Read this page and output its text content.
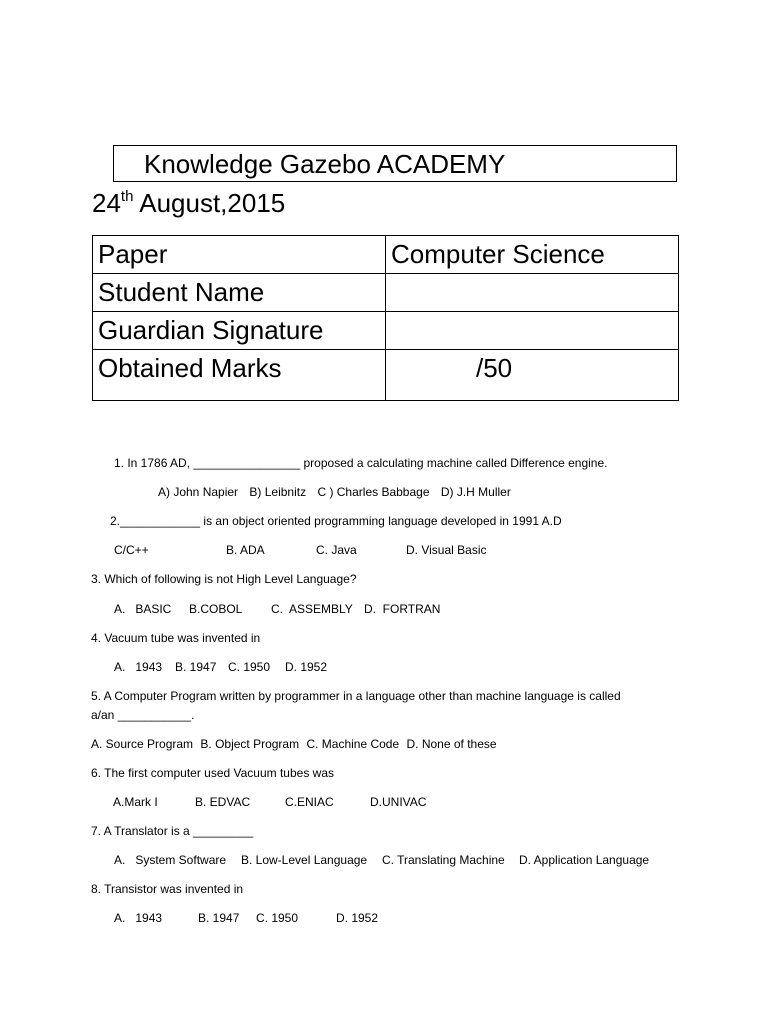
Knowledge Gazebo ACADEMY
24th August,2015
Paper	Computer Science
Student Name	
Guardian Signature	
Obtained Marks	/50
1. In 1786 AD, ________________ proposed a calculating machine called Difference engine.
A) John Napier B) Leibnitz C ) Charles Babbage D) J.H Muller
2.____________ is an object oriented programming language developed in 1991 A.D
C/C++	B. ADA	C. Java	D. Visual Basic
3. Which of following is not High Level Language?
A.   BASIC B.COBOL C.  ASSEMBLY D.  FORTRAN
4. Vacuum tube was invented in
A.   1943 B. 1947 C. 1950 D. 1952
5. A Computer Program written by programmer in a language other than machine language is called
a/an ___________.
A. Source Program B. Object Program C. Machine Code D. None of these
6. The first computer used Vacuum tubes was
A.Mark I	B. EDVAC	C.ENIAC	D.UNIVAC
7. A Translator is a _________
A.   System Software B. Low-Level Language C. Translating Machine D. Application Language
8. Transistor was invented in
A.   1943	B. 1947 C. 1950	D. 1952
